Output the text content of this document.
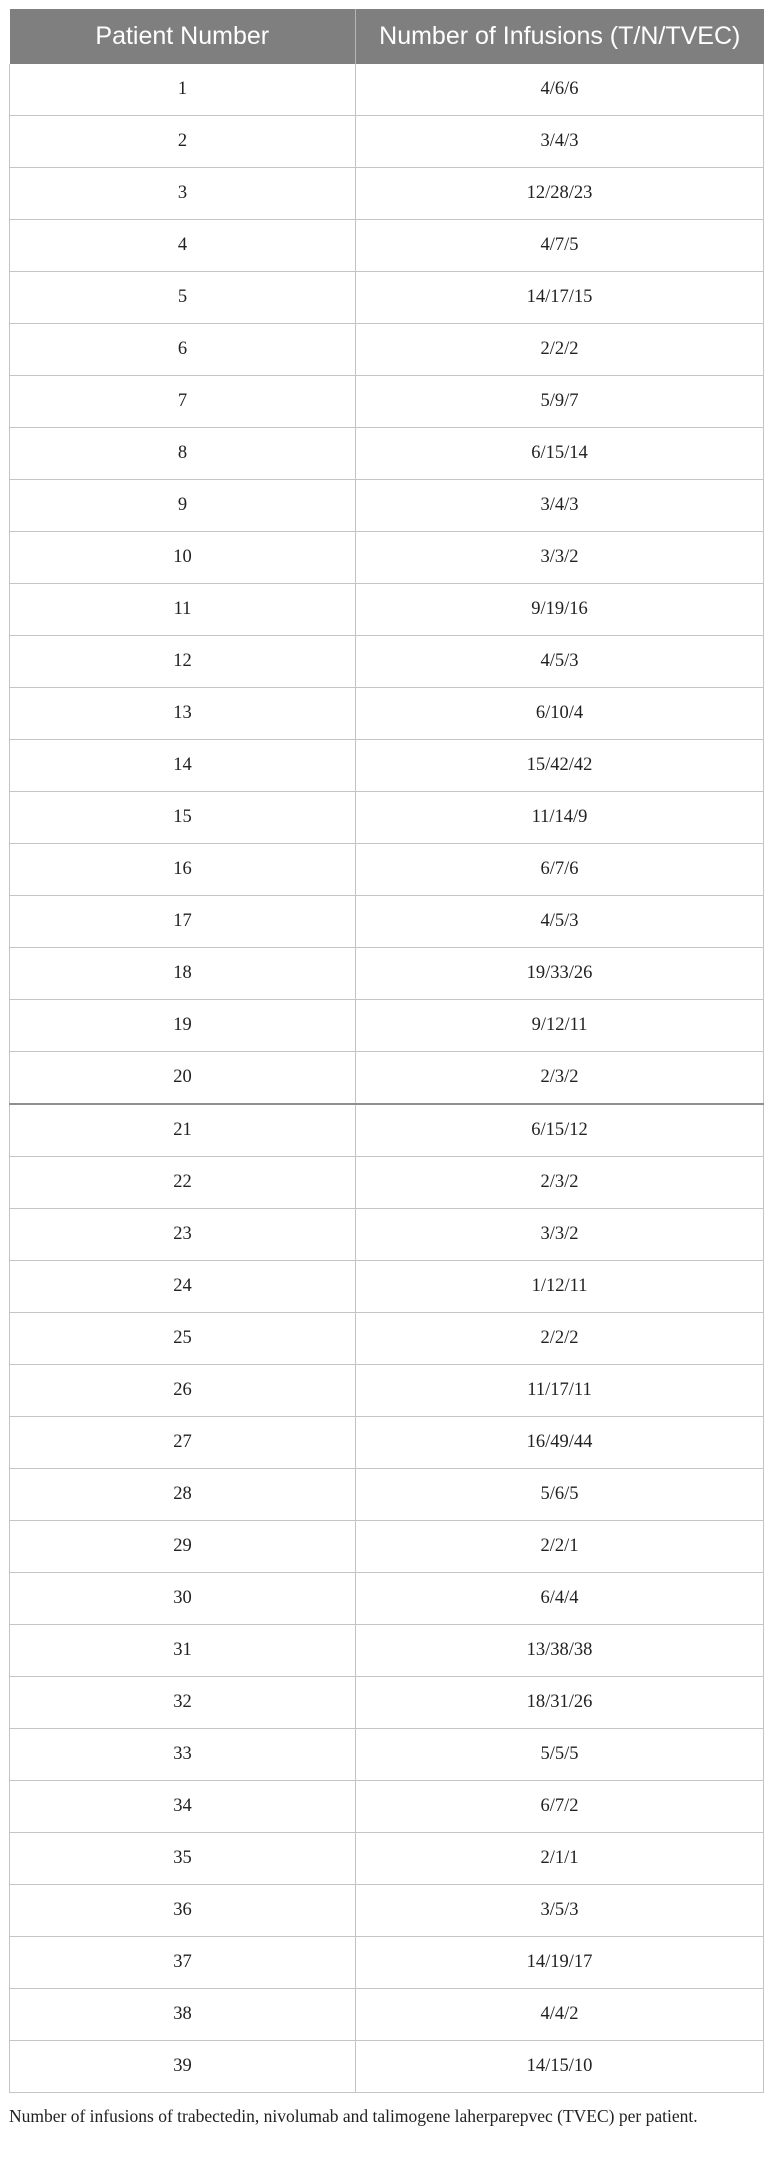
Patient Number	Number of Infusions (T/N/TVEC)
1	4/6/6
2	3/4/3
3	12/28/23
4	4/7/5
5	14/17/15
6	2/2/2
7	5/9/7
8	6/15/14
9	3/4/3
10	3/3/2
11	9/19/16
12	4/5/3
13	6/10/4
14	15/42/42
15	11/14/9
16	6/7/6
17	4/5/3
18	19/33/26
19	9/12/11
20	2/3/2
21	6/15/12
22	2/3/2
23	3/3/2
24	1/12/11
25	2/2/2
26	11/17/11
27	16/49/44
28	5/6/5
29	2/2/1
30	6/4/4
31	13/38/38
32	18/31/26
33	5/5/5
34	6/7/2
35	2/1/1
36	3/5/3
37	14/19/17
38	4/4/2
39	14/15/10
Number of infusions of trabectedin, nivolumab and talimogene laherparepvec (TVEC) per patient.
